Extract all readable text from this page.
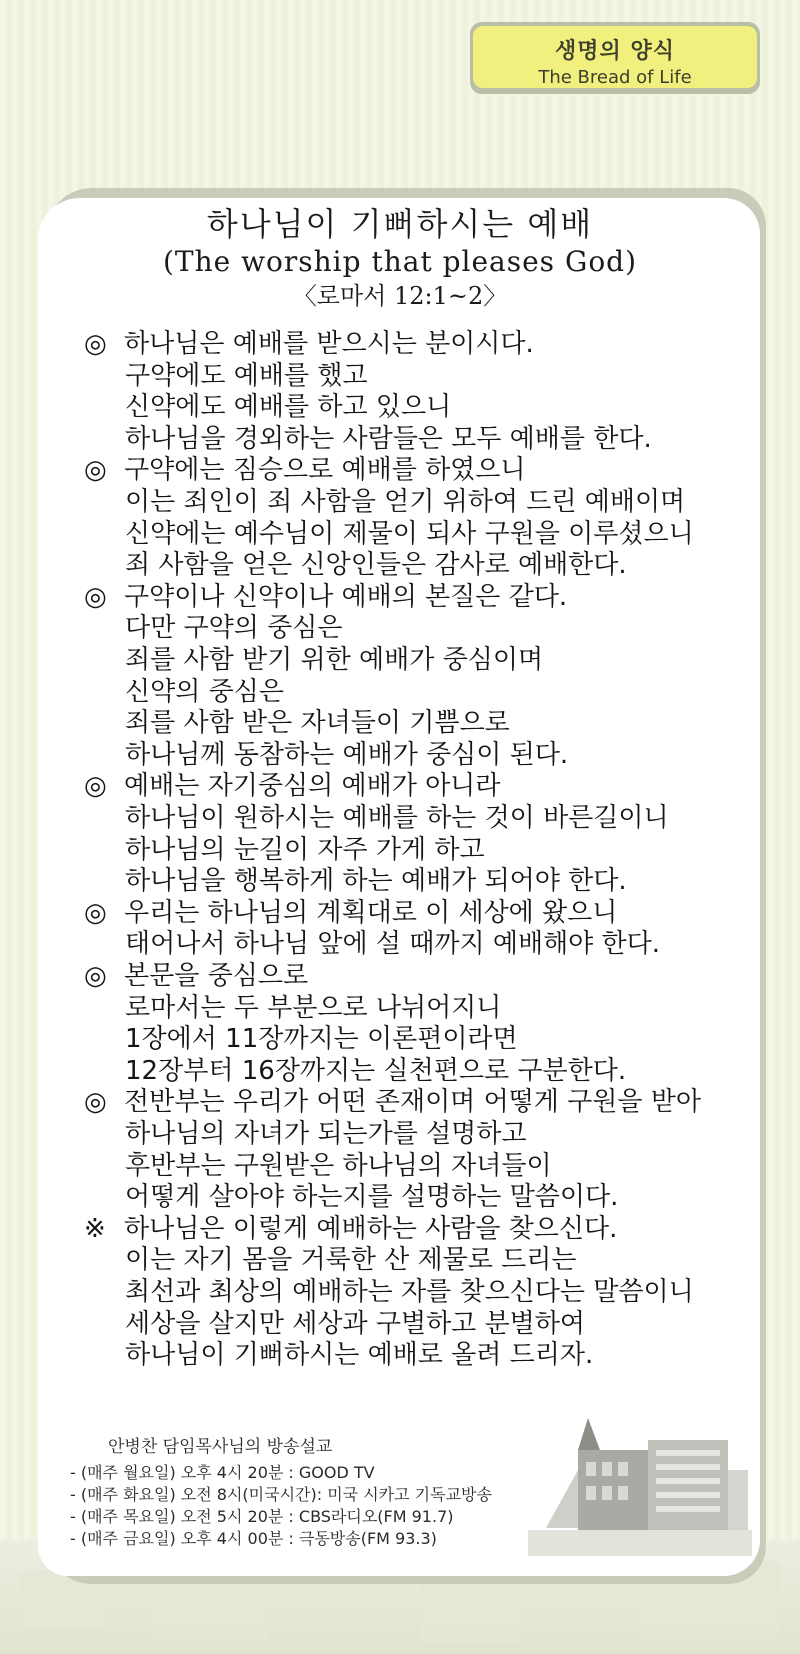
생명의 양식
The Bread of Life
하나님이 기뻐하시는 예배
(The worship that pleases God)
〈로마서 12:1~2〉
◎ 하나님은 예배를 받으시는 분이시다.
구약에도 예배를 했고
신약에도 예배를 하고 있으니
하나님을 경외하는 사람들은 모두 예배를 한다.
◎ 구약에는 짐승으로 예배를 하였으니
이는 죄인이 죄 사함을 얻기 위하여 드린 예배이며
신약에는 예수님이 제물이 되사 구원을 이루셨으니
죄 사함을 얻은 신앙인들은 감사로 예배한다.
◎ 구약이나 신약이나 예배의 본질은 같다.
다만 구약의 중심은
죄를 사함 받기 위한 예배가 중심이며
신약의 중심은
죄를 사함 받은 자녀들이 기쁨으로
하나님께 동참하는 예배가 중심이 된다.
◎ 예배는 자기중심의 예배가 아니라
하나님이 원하시는 예배를 하는 것이 바른길이니
하나님의 눈길이 자주 가게 하고
하나님을 행복하게 하는 예배가 되어야 한다.
◎ 우리는 하나님의 계획대로 이 세상에 왔으니
태어나서 하나님 앞에 설 때까지 예배해야 한다.
◎ 본문을 중심으로
로마서는 두 부분으로 나뉘어지니
1장에서 11장까지는 이론편이라면
12장부터 16장까지는 실천편으로 구분한다.
◎ 전반부는 우리가 어떤 존재이며 어떻게 구원을 받아
하나님의 자녀가 되는가를 설명하고
후반부는 구원받은 하나님의 자녀들이
어떻게 살아야 하는지를 설명하는 말씀이다.
※ 하나님은 이렇게 예배하는 사람을 찾으신다.
이는 자기 몸을 거룩한 산 제물로 드리는
최선과 최상의 예배하는 자를 찾으신다는 말씀이니
세상을 살지만 세상과 구별하고 분별하여
하나님이 기뻐하시는 예배로 올려 드리자.
안병찬 담임목사님의 방송설교
- (매주 월요일) 오후 4시 20분 : GOOD TV
- (매주 화요일) 오전 8시(미국시간): 미국 시카고 기독교방송
- (매주 목요일) 오전 5시 20분 : CBS라디오(FM 91.7)
- (매주 금요일) 오후 4시 00분 : 극동방송(FM 93.3)
